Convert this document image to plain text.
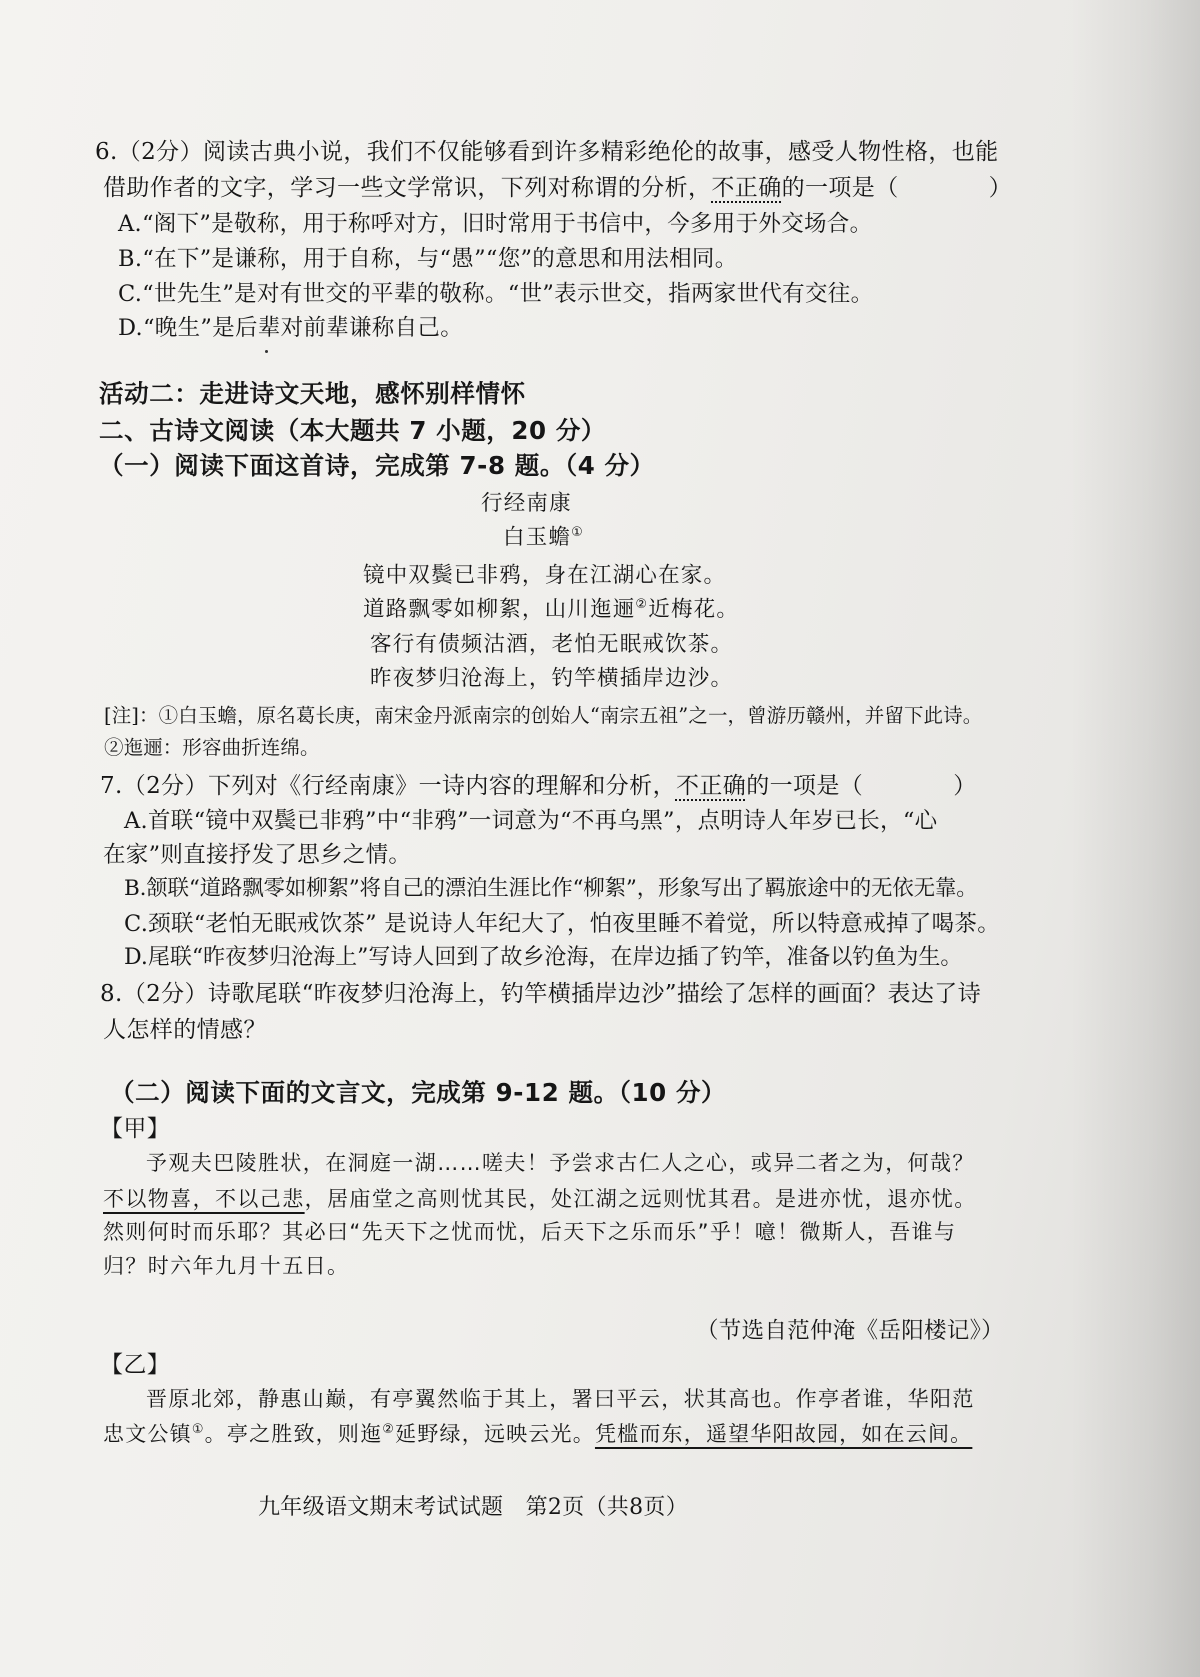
6.（2分）阅读古典小说，我们不仅能够看到许多精彩绝伦的故事，感受人物性格，也能
借助作者的文字，学习一些文学常识，下列对称谓的分析，不正确的一项是（	）
A.“阁下”是敬称，用于称呼对方，旧时常用于书信中，今多用于外交场合。
B.“在下”是谦称，用于自称，与“愚”“您”的意思和用法相同。
C.“世先生”是对有世交的平辈的敬称。“世”表示世交，指两家世代有交往。
D.“晚生”是后辈对前辈谦称自己。
活动二：走进诗文天地，感怀别样情怀
二、古诗文阅读（本大题共 7 小题，20 分）
（一）阅读下面这首诗，完成第 7-8 题。（4 分）
行经南康
白玉蟾①
镜中双鬓已非鸦，身在江湖心在家。
道路飘零如柳絮，山川迤逦②近梅花。
客行有债频沽酒，老怕无眠戒饮茶。
昨夜梦归沧海上，钓竿横插岸边沙。
[注]：①白玉蟾，原名葛长庚，南宋金丹派南宗的创始人“南宗五祖”之一，曾游历赣州，并留下此诗。
②迤逦：形容曲折连绵。
7.（2分）下列对《行经南康》一诗内容的理解和分析，不正确的一项是（	）
A.首联“镜中双鬓已非鸦”中“非鸦”一词意为“不再乌黑”，点明诗人年岁已长，“心
在家”则直接抒发了思乡之情。
B.颔联“道路飘零如柳絮”将自己的漂泊生涯比作“柳絮”，形象写出了羁旅途中的无依无靠。
C.颈联“老怕无眠戒饮茶” 是说诗人年纪大了，怕夜里睡不着觉，所以特意戒掉了喝茶。
D.尾联“昨夜梦归沧海上”写诗人回到了故乡沧海，在岸边插了钓竿，准备以钓鱼为生。
8.（2分）诗歌尾联“昨夜梦归沧海上，钓竿横插岸边沙”描绘了怎样的画面？表达了诗
人怎样的情感？
（二）阅读下面的文言文，完成第 9-12 题。（10 分）
【甲】
予观夫巴陵胜状，在洞庭一湖……嗟夫！予尝求古仁人之心，或异二者之为，何哉？
不以物喜，不以己悲，居庙堂之高则忧其民，处江湖之远则忧其君。是进亦忧，退亦忧。
然则何时而乐耶？其必曰“先天下之忧而忧，后天下之乐而乐”乎！噫！微斯人，吾谁与
归？时六年九月十五日。
（节选自范仲淹《岳阳楼记》）
【乙】
晋原北郊，静惠山巅，有亭翼然临于其上，署曰平云，状其高也。作亭者谁，华阳范
忠文公镇①。亭之胜致，则迤②延野绿，远映云光。凭槛而东，遥望华阳故园，如在云间。
九年级语文期末考试试题　第2页（共8页）
